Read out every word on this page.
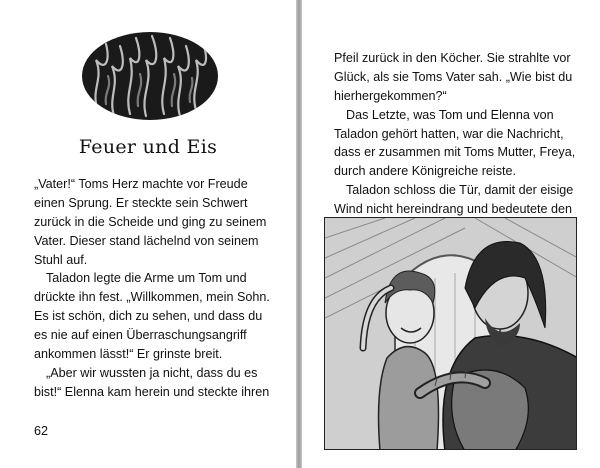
Feuer und Eis
„Vater!“ Toms Herz machte vor Freude
einen Sprung. Er steckte sein Schwert
zurück in die Scheide und ging zu seinem
Vater. Dieser stand lächelnd von seinem
Stuhl auf.
Taladon legte die Arme um Tom und
drückte ihn fest. „Willkommen, mein Sohn.
Es ist schön, dich zu sehen, und dass du
es nie auf einen Überraschungsangriff
ankommen lässt!“ Er grinste breit.
„Aber wir wussten ja nicht, dass du es
bist!“ Elenna kam herein und steckte ihren
62
Pfeil zurück in den Köcher. Sie strahlte vor
Glück, als sie Toms Vater sah. „Wie bist du
hierhergekommen?“
Das Letzte, was Tom und Elenna von
Taladon gehört hatten, war die Nachricht,
dass er zusammen mit Toms Mutter, Freya,
durch andere Königreiche reiste.
Taladon schloss die Tür, damit der eisige
Wind nicht hereindrang und bedeutete den
